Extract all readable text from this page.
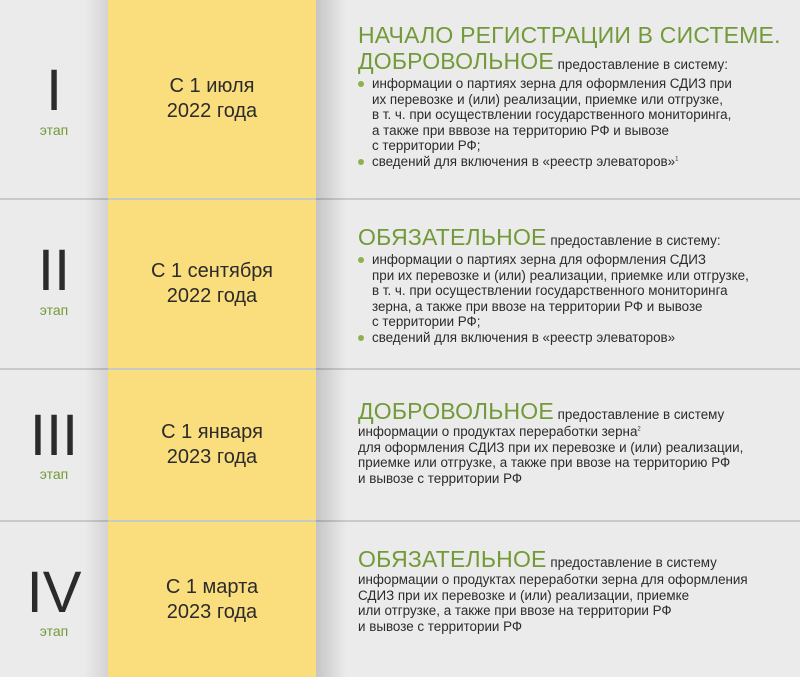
I
этап
С 1 июля
2022 года
НАЧАЛО РЕГИСТРАЦИИ В СИСТЕМЕ.
ДОБРОВОЛЬНОЕ предоставление в систему:
информации о партиях зерна для оформления СДИЗ при
их перевозке и (или) реализации, приемке или отгрузке,
в т. ч. при осуществлении государственного мониторинга,
а также при вввозе на территорию РФ и вывозе
с территории РФ;
сведений для включения в «реестр элеваторов»$^1$
II
этап
С 1 сентября
2022 года
ОБЯЗАТЕЛЬНОЕ предоставление в систему:
информации о партиях зерна для оформления СДИЗ
при их перевозке и (или) реализации, приемке или отгрузке,
в т. ч. при осуществлении государственного мониторинга
зерна, а также при ввозе на территории РФ и вывозе
с территории РФ;
сведений для включения в «реестр элеваторов»
III
этап
С 1 января
2023 года
ДОБРОВОЛЬНОЕ предоставление в систему
информации о продуктах переработки зерна$^2$
для оформления СДИЗ при их перевозке и (или) реализации,
приемке или отгрузке, а также при ввозе на территорию РФ
и вывозе с территории РФ
IV
этап
С 1 марта
2023 года
ОБЯЗАТЕЛЬНОЕ предоставление в систему
информации о продуктах переработки зерна для оформления
СДИЗ при их перевозке и (или) реализации, приемке
или отгрузке, а также при ввозе на территории РФ
и вывозе с территории РФ
